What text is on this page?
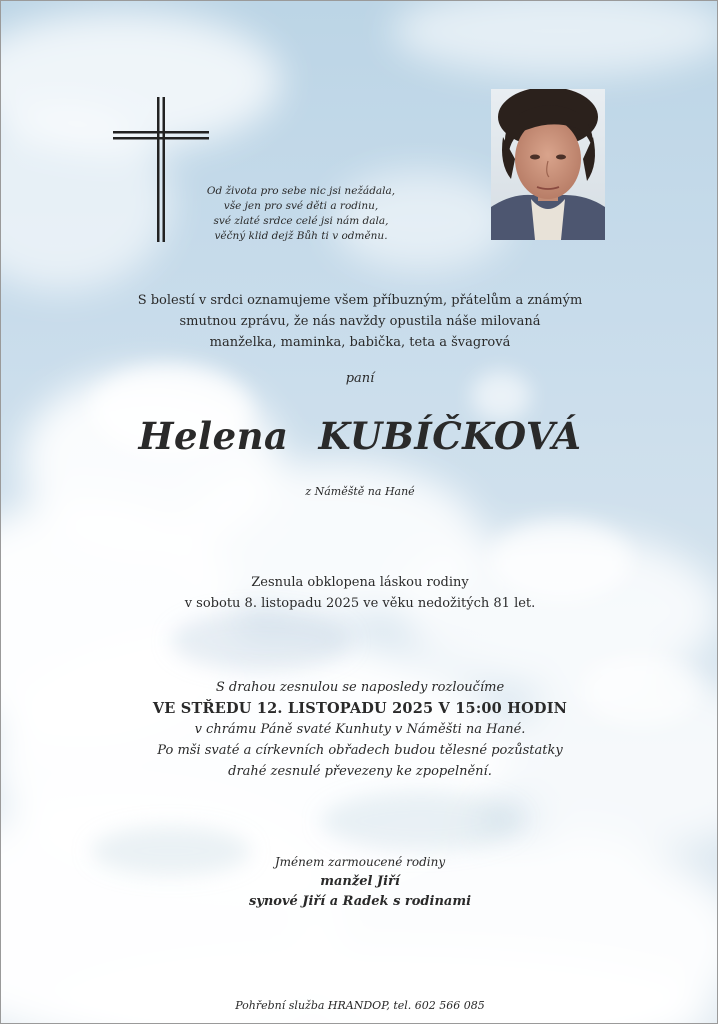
Od života pro sebe nic jsi nežádala,
vše jen pro své děti a rodinu,
své zlaté srdce celé jsi nám dala,
věčný klid dejž Bůh ti v odměnu.
S bolestí v srdci oznamujeme všem příbuzným, přátelům a známým
smutnou zprávu, že nás navždy opustila náše milovaná
manželka, maminka, babička, teta a švagrová
paní
Helena KUBÍČKOVÁ
z Náměště na Hané
Zesnula obklopena láskou rodiny
v sobotu 8. listopadu 2025 ve věku nedožitých 81 let.
S drahou zesnulou se naposledy rozloučíme
VE STŘEDU 12. LISTOPADU 2025 V 15:00 HODIN
v chrámu Páně svaté Kunhuty v Náměšti na Hané.
Po mši svaté a církevních obřadech budou tělesné pozůstatky
drahé zesnulé převezeny ke zpopelnění.
Jménem zarmoucené rodiny
manžel Jiří
synové Jiří a Radek s rodinami
Pohřební služba HRANDOP, tel. 602 566 085
